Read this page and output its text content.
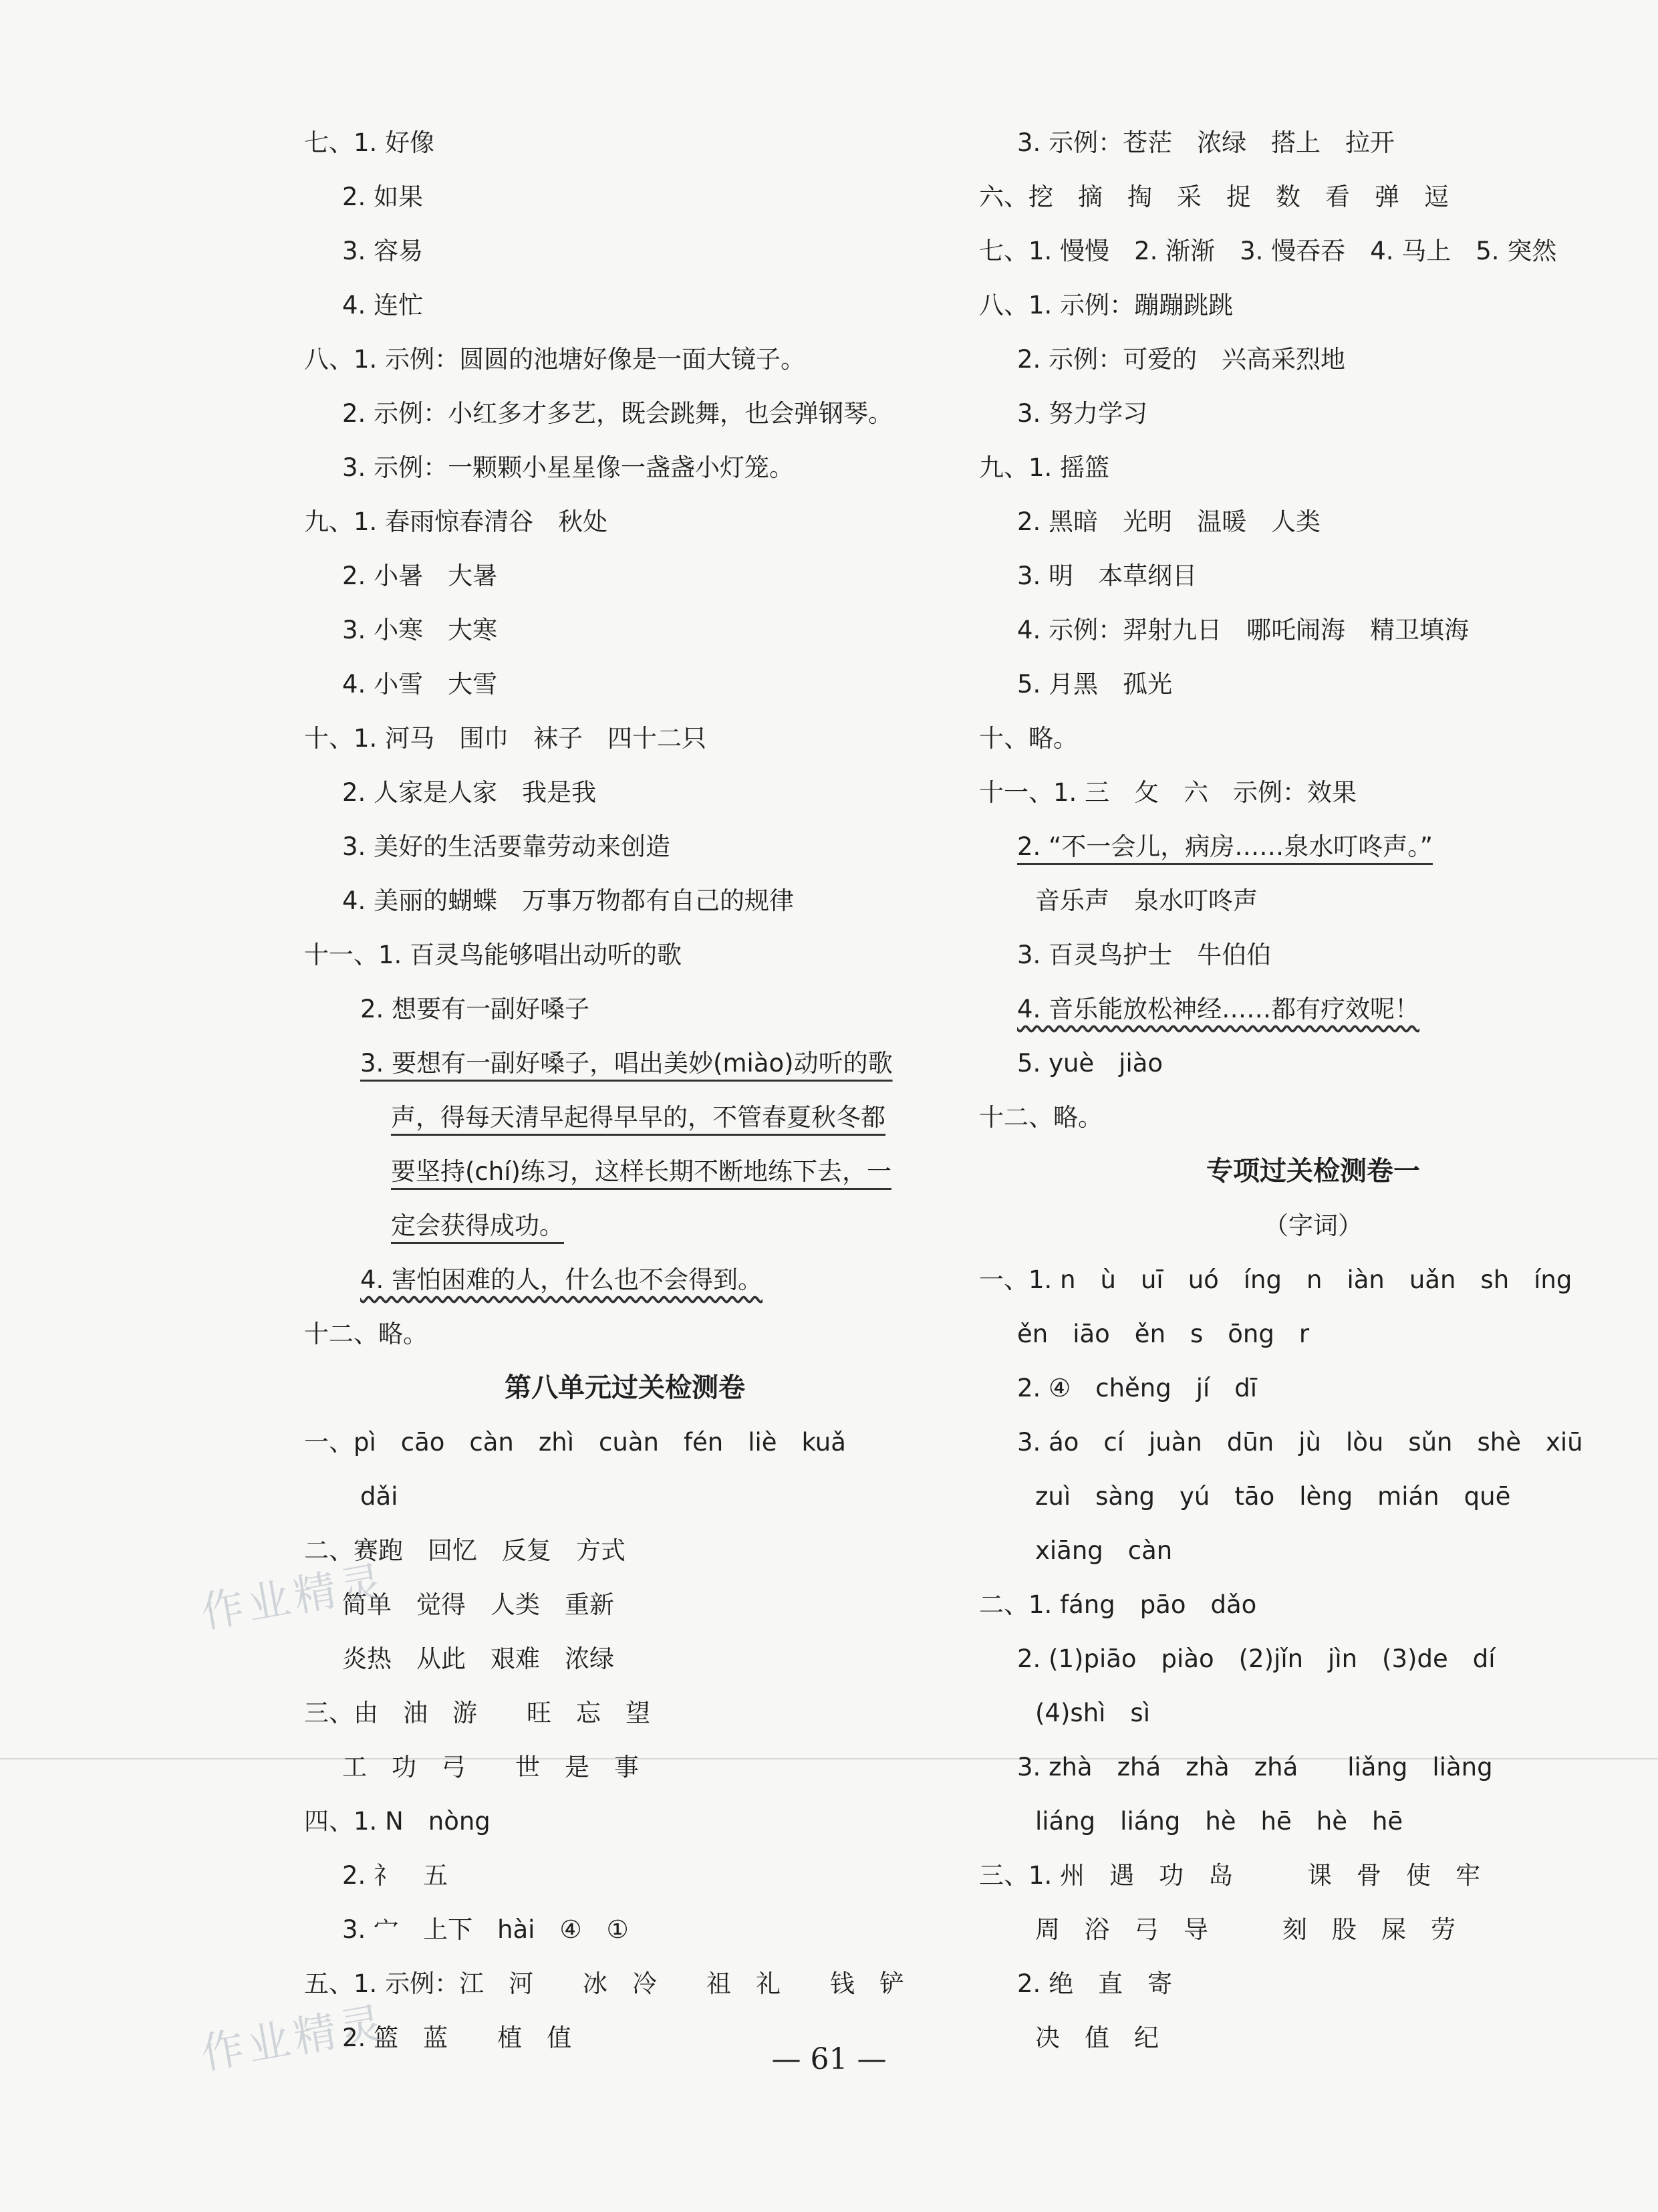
作业精灵
作业精灵
七、1. 好像
2. 如果
3. 容易
4. 连忙
八、1. 示例：圆圆的池塘好像是一面大镜子。
2. 示例：小红多才多艺，既会跳舞，也会弹钢琴。
3. 示例：一颗颗小星星像一盏盏小灯笼。
九、1. 春雨惊春清谷　秋处
2. 小暑　大暑
3. 小寒　大寒
4. 小雪　大雪
十、1. 河马　围巾　袜子　四十二只
2. 人家是人家　我是我
3. 美好的生活要靠劳动来创造
4. 美丽的蝴蝶　万事万物都有自己的规律
十一、1. 百灵鸟能够唱出动听的歌
2. 想要有一副好嗓子
3. 要想有一副好嗓子，唱出美妙(miào)动听的歌
声，得每天清早起得早早的，不管春夏秋冬都
要坚持(chí)练习，这样长期不断地练下去，一
定会获得成功。
4. 害怕困难的人，什么也不会得到。
十二、略。
第八单元过关检测卷
一、pì　cāo　càn　zhì　cuàn　fén　liè　kuǎ
dǎi
二、赛跑　回忆　反复　方式
简单　觉得　人类　重新
炎热　从此　艰难　浓绿
三、由　油　游　　旺　忘　望
工　功　弓　　世　是　事
四、1. N　nòng
2. 礻　五
3. 宀　上下　hài　④　①
五、1. 示例：江　河　　冰　冷　　祖　礼　　钱　铲
2. 篮　蓝　　植　值
3. 示例：苍茫　浓绿　搭上　拉开
六、挖　摘　掏　采　捉　数　看　弹　逗
七、1. 慢慢　2. 渐渐　3. 慢吞吞　4. 马上　5. 突然
八、1. 示例：蹦蹦跳跳
2. 示例：可爱的　兴高采烈地
3. 努力学习
九、1. 摇篮
2. 黑暗　光明　温暖　人类
3. 明　本草纲目
4. 示例：羿射九日　哪吒闹海　精卫填海
5. 月黑　孤光
十、略。
十一、1. 三　攵　六　示例：效果
2. “不一会儿，病房……泉水叮咚声。”
音乐声　泉水叮咚声
3. 百灵鸟护士　牛伯伯
4. 音乐能放松神经……都有疗效呢！
5. yuè　jiào
十二、略。
专项过关检测卷一
（字词）
一、1. n　ù　uī　uó　íng　n　iàn　uǎn　sh　íng
ěn　iāo　ěn　s　ōng　r
2. ④　chěng　jí　dī
3. áo　cí　juàn　dūn　jù　lòu　sǔn　shè　xiū
zuì　sàng　yú　tāo　lèng　mián　quē
xiāng　càn
二、1. fáng　pāo　dǎo
2. (1)piāo　piào　(2)jǐn　jìn　(3)de　dí
(4)shì　sì
3. zhà　zhá　zhà　zhá　　liǎng　liàng
liáng　liáng　hè　hē　hè　hē
三、1. 州　遇　功　岛　　　课　骨　使　牢
周　浴　弓　导　　　刻　股　屎　劳
2. 绝　直　寄
决　值　纪
— 61 —
